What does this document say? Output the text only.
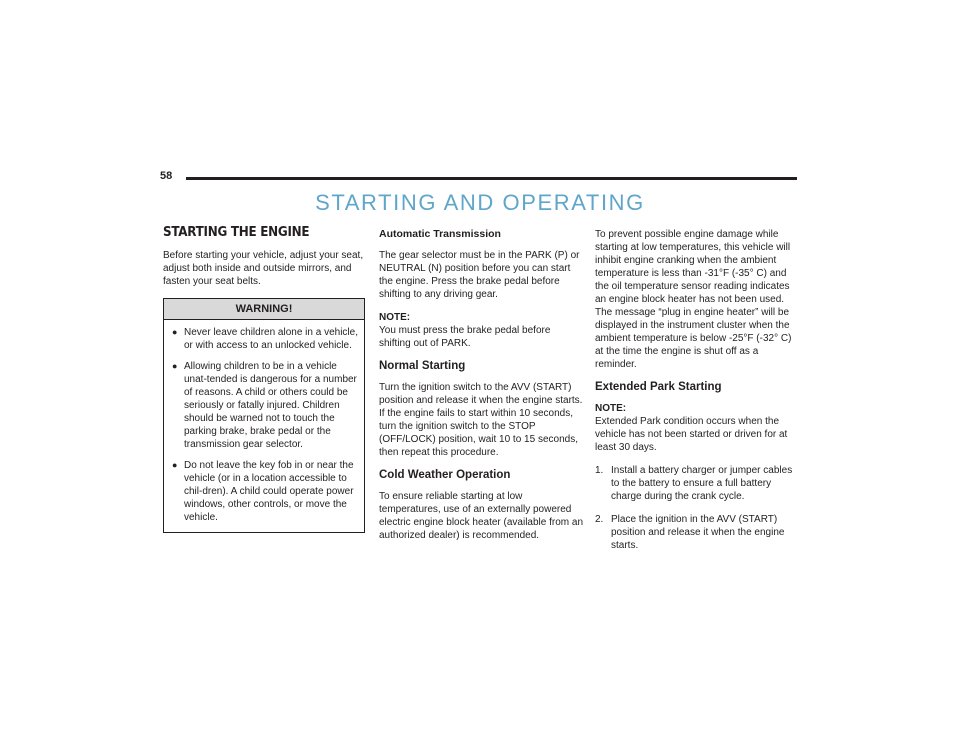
58
STARTING AND OPERATING
STARTING THE ENGINE

Before starting your vehicle, adjust your seat, adjust both inside and outside mirrors, and fasten your seat belts.

WARNING!
● Never leave children alone in a vehicle, or with access to an unlocked vehicle.
● Allowing children to be in a vehicle unat-tended is dangerous for a number of reasons. A child or others could be seriously or fatally injured. Children should be warned not to touch the parking brake, brake pedal or the transmission gear selector.
● Do not leave the key fob in or near the vehicle (or in a location accessible to chil-dren). A child could operate power windows, other controls, or move the vehicle.
Automatic Transmission

The gear selector must be in the PARK (P) or NEUTRAL (N) position before you can start the engine. Press the brake pedal before shifting to any driving gear.

NOTE:
You must press the brake pedal before shifting out of PARK.

Normal Starting

Turn the ignition switch to the AVV (START) position and release it when the engine starts. If the engine fails to start within 10 seconds, turn the ignition switch to the STOP (OFF/LOCK) position, wait 10 to 15 seconds, then repeat this procedure.

Cold Weather Operation

To ensure reliable starting at low temperatures, use of an externally powered electric engine block heater (available from an authorized dealer) is recommended.

To prevent possible engine damage while starting at low temperatures, this vehicle will inhibit engine cranking when the ambient temperature is less than -31°F (-35° C) and the oil temperature sensor reading indicates an engine block heater has not been used. The message “plug in engine heater” will be displayed in the instrument cluster when the ambient temperature is below -25°F (-32° C) at the time the engine is shut off as a reminder.

Extended Park Starting

NOTE:
Extended Park condition occurs when the vehicle has not been started or driven for at least 30 days.

1. Install a battery charger or jumper cables to the battery to ensure a full battery charge during the crank cycle.
2. Place the ignition in the AVV (START) position and release it when the engine starts.
